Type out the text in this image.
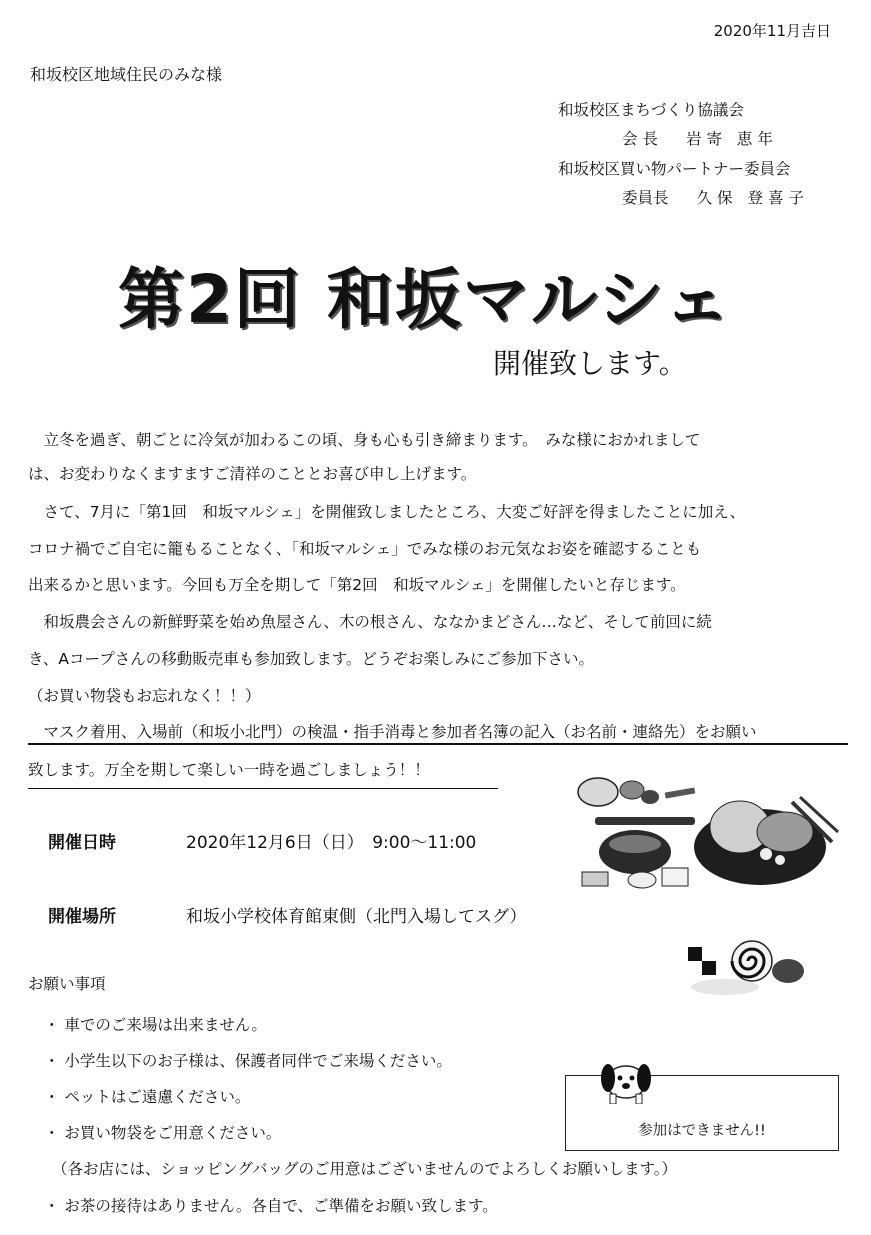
2020年11月吉日
和坂校区地域住民のみな様
和坂校区まちづくり協議会
会 長 岩寄 恵年
和坂校区買い物パートナー委員会
委員長 久保 登喜子
第2回 和坂マルシェ
開催致します。
　立冬を過ぎ、朝ごとに冷気が加わるこの頃、身も心も引き締まります。　みな様におかれまして
は、お変わりなくますますご清祥のこととお喜び申し上げます。
　さて、7月に「第1回　和坂マルシェ」を開催致しましたところ、大変ご好評を得ましたことに加え、
コロナ禍でご自宅に籠もることなく、「和坂マルシェ」でみな様のお元気なお姿を確認することも
出来るかと思います。今回も万全を期して「第2回　和坂マルシェ」を開催したいと存じます。
　和坂農会さんの新鮮野菜を始め魚屋さん、木の根さん、ななかまどさん…など、そして前回に続
き、Aコープさんの移動販売車も参加致します。どうぞお楽しみにご参加下さい。
（お買い物袋もお忘れなく！！）
　マスク着用、入場前（和坂小北門）の検温・指手消毒と参加者名簿の記入（お名前・連絡先）をお願い
致します。万全を期して楽しい一時を過ごしましょう！！
開催日時	2020年12月6日（日）　9:00～11:00
開催場所	和坂小学校体育館東側（北門入場してスグ）
お願い事項
・ 車でのご来場は出来ません。
・ 小学生以下のお子様は、保護者同伴でご来場ください。
・ ペットはご遠慮ください。
・ お買い物袋をご用意ください。
（各お店には、ショッピングバッグのご用意はございませんのでよろしくお願いします。）
・ お茶の接待はありません。各自で、ご準備をお願い致します。
参加はできません!!
